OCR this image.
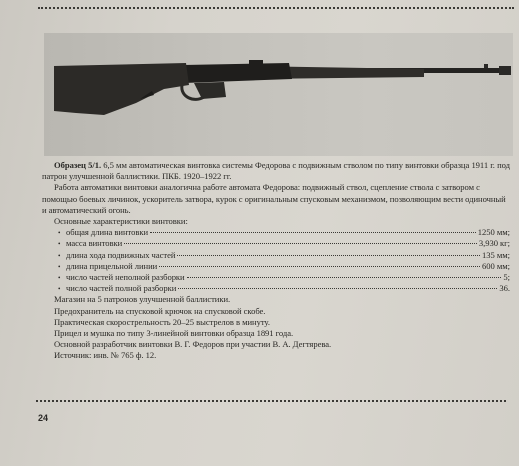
Образец 5/1. 6,5 мм автоматическая винтовка системы Федорова с подвижным стволом по типу винтовки образца 1911 г. под патрон улучшенной баллистики. ПКБ. 1920–1922 гг.

Работа автоматики винтовки аналогична работе автомата Федорова: подвижный ствол, сцепление ствола с затвором с помощью боевых личинок, ускоритель затвора, курок с оригинальным спусковым механизмом, позволяющим вести одиночный и автоматический огонь.

Основные характеристики винтовки:

• общая длина винтовки	1250 мм;
• масса винтовки	3,930 кг;
• длина хода подвижных частей	135 мм;
• длина прицельной линии	600 мм;
• число частей неполной разборки	5;
• число частей полной разборки	36.

Магазин на 5 патронов улучшенной баллистики.

Предохранитель на спусковой крючок на спусковой скобе.

Практическая скорострельность 20–25 выстрелов в минуту.

Прицел и мушка по типу 3-линейной винтовки образца 1891 года.

Основной разработчик винтовки В. Г. Федоров при участии В. А. Дегтярева.

Источник: инв. № 765 ф. 12.

24
